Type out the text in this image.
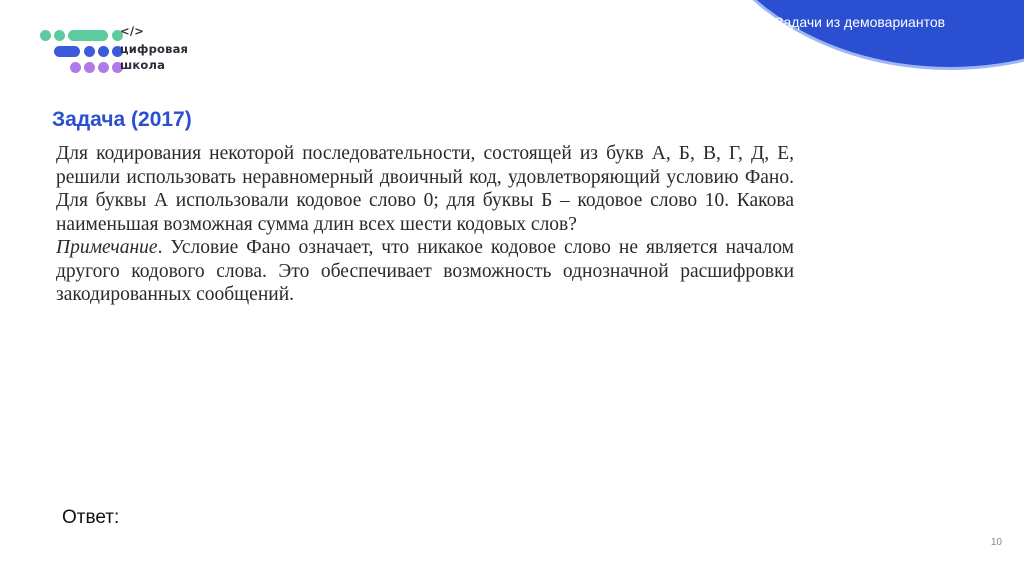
Задачи из демовариантов
</>
цифровая
школа
Задача (2017)

Для кодирования некоторой последовательности, состоящей из букв А, Б, В, Г, Д, Е, решили использовать неравномерный двоичный код, удовлетворяющий условию Фано. Для буквы А использовали кодовое слово 0; для буквы Б – кодовое слово 10. Какова наименьшая возможная сумма длин всех шести кодовых слов?

Примечание. Условие Фано означает, что никакое кодовое слово не является началом другого кодового слова. Это обеспечивает возможность однозначной расшифровки закодированных сообщений.

Ответ:
10
